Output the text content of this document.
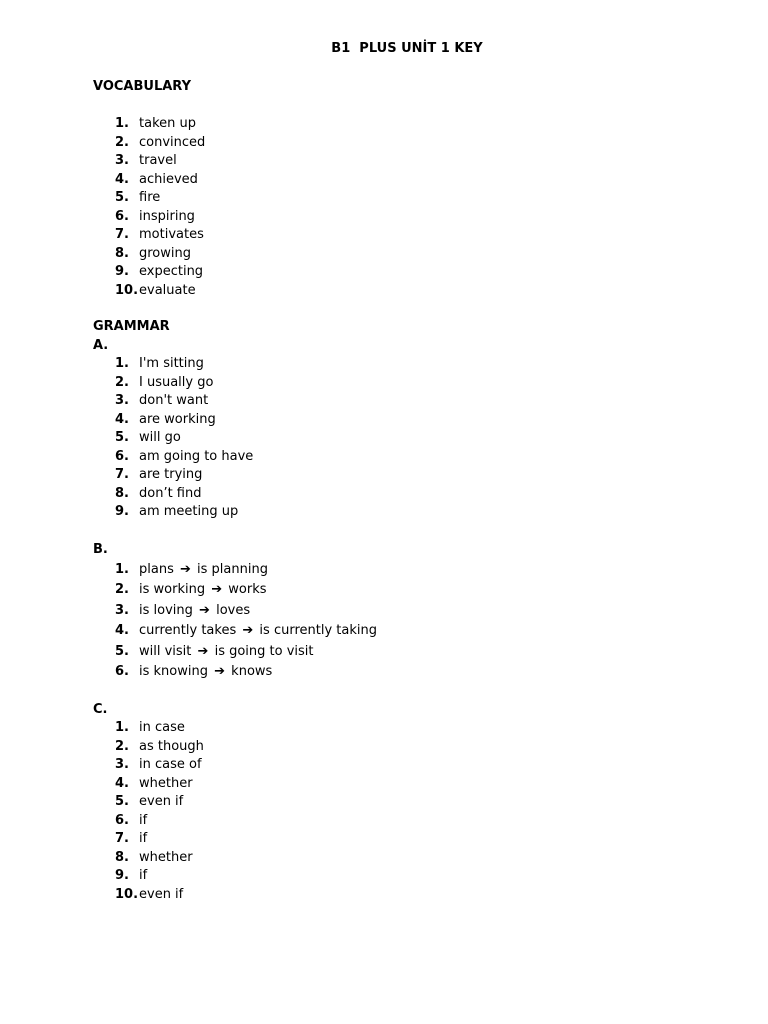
B1  PLUS UNİT 1 KEY
VOCABULARY
1. taken up
2. convinced
3. travel
4. achieved
5. fire
6. inspiring
7. motivates
8. growing
9. expecting
10.evaluate
GRAMMAR
A.
1. I'm sitting
2. I usually go
3. don't want
4. are working
5. will go
6. am going to have
7. are trying
8. don’t find
9. am meeting up
B.
1. plans ➔ is planning
2. is working ➔ works
3. is loving ➔ loves
4. currently takes ➔ is currently taking
5. will visit ➔ is going to visit
6. is knowing ➔ knows
C.
1. in case
2. as though
3. in case of
4. whether
5. even if
6. if
7. if
8. whether
9. if
10.even if
